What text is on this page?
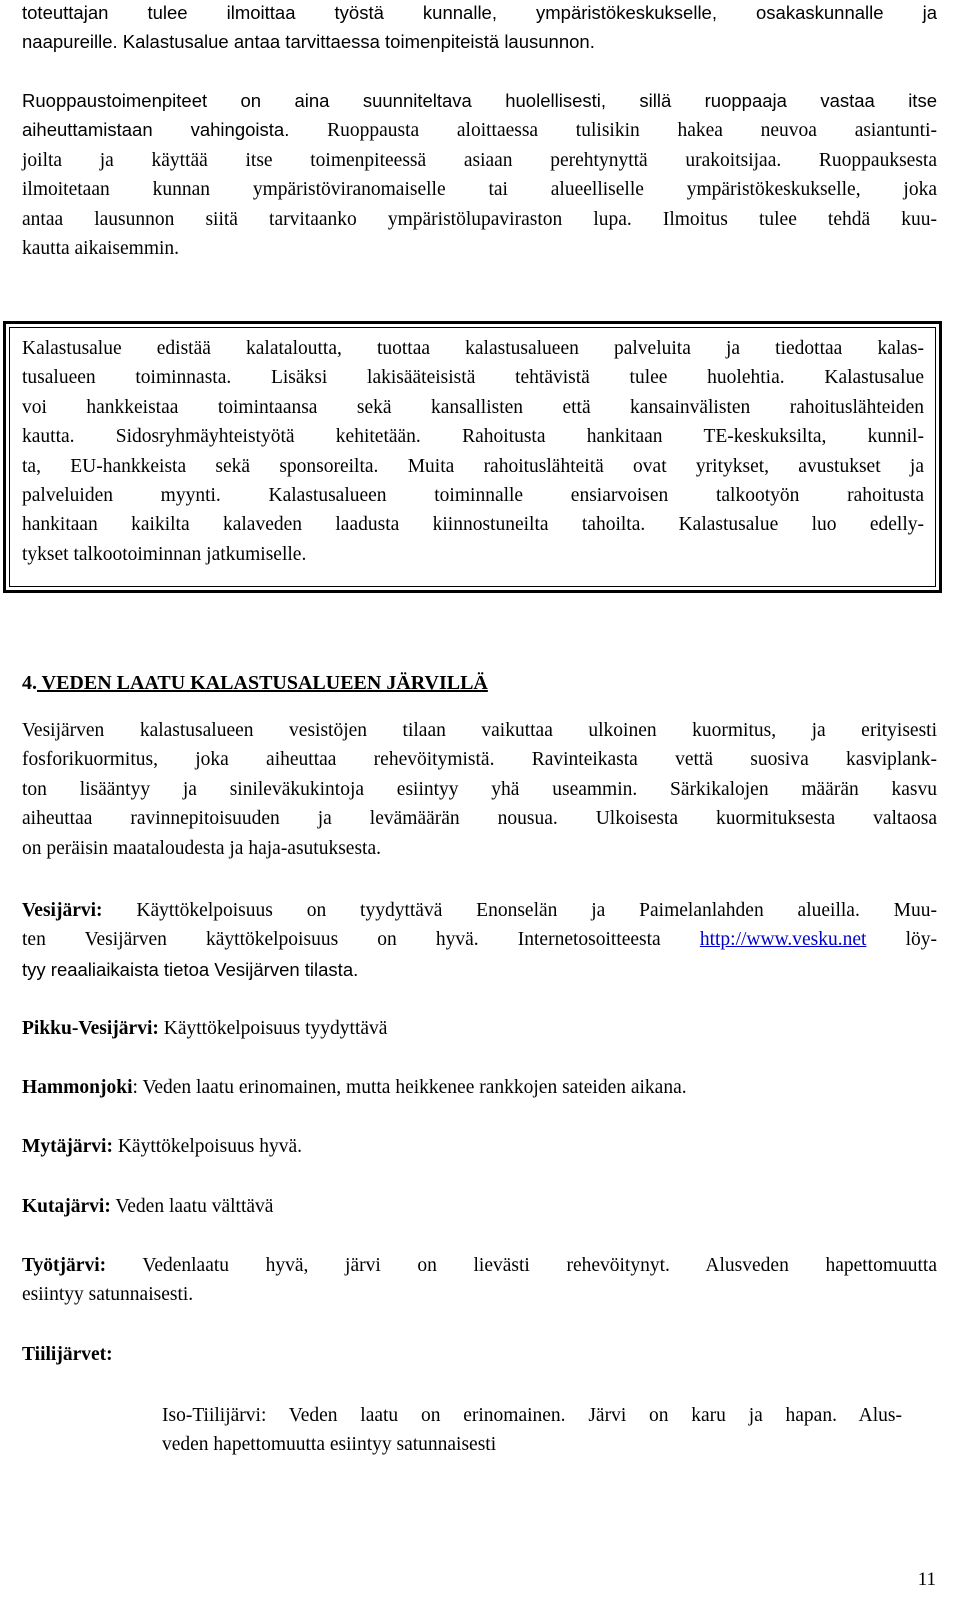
toteuttajan tulee ilmoittaa työstä kunnalle, ympäristökeskukselle, osakaskunnalle ja
naapureille. Kalastusalue antaa tarvittaessa toimenpiteistä lausunnon.
Ruoppaustoimenpiteet on aina suunniteltava huolellisesti, sillä ruoppaaja vastaa itse
aiheuttamistaan vahingoista. Ruoppausta aloittaessa tulisikin hakea neuvoa asiantunti-
joilta ja käyttää itse toimenpiteessä asiaan perehtynyttä urakoitsijaa. Ruoppauksesta
ilmoitetaan kunnan ympäristöviranomaiselle tai alueelliselle ympäristökeskukselle, joka
antaa lausunnon siitä tarvitaanko ympäristölupaviraston lupa. Ilmoitus tulee tehdä kuu-
kautta aikaisemmin.
Kalastusalue edistää kalataloutta, tuottaa kalastusalueen palveluita ja tiedottaa kalas-
tusalueen toiminnasta. Lisäksi lakisääteisistä tehtävistä tulee huolehtia. Kalastusalue
voi hankkeistaa toimintaansa sekä kansallisten että kansainvälisten rahoituslähteiden
kautta. Sidosryhmäyhteistyötä kehitetään. Rahoitusta hankitaan TE-keskuksilta, kunnil-
ta, EU-hankkeista sekä sponsoreilta. Muita rahoituslähteitä ovat yritykset, avustukset ja
palveluiden myynti. Kalastusalueen toiminnalle ensiarvoisen talkootyön rahoitusta
hankitaan kaikilta kalaveden laadusta kiinnostuneilta tahoilta. Kalastusalue luo edelly-
tykset talkootoiminnan jatkumiselle.
4. VEDEN LAATU KALASTUSALUEEN JÄRVILLÄ
Vesijärven kalastusalueen vesistöjen tilaan vaikuttaa ulkoinen kuormitus, ja erityisesti
fosforikuormitus, joka aiheuttaa rehevöitymistä. Ravinteikasta vettä suosiva kasviplank-
ton lisääntyy ja sinileväkukintoja esiintyy yhä useammin. Särkikalojen määrän kasvu
aiheuttaa ravinnepitoisuuden ja levämäärän nousua. Ulkoisesta kuormituksesta valtaosa
on peräisin maataloudesta ja haja-asutuksesta.
Vesijärvi: Käyttökelpoisuus on tyydyttävä Enonselän ja Paimelanlahden alueilla. Muu-
ten Vesijärven käyttökelpoisuus on hyvä. Internetosoitteesta http://www.vesku.net löy-
tyy reaaliaikaista tietoa Vesijärven tilasta.
Pikku-Vesijärvi: Käyttökelpoisuus tyydyttävä
Hammonjoki: Veden laatu erinomainen, mutta heikkenee rankkojen sateiden aikana.
Mytäjärvi: Käyttökelpoisuus hyvä.
Kutajärvi: Veden laatu välttävä
Työtjärvi: Vedenlaatu hyvä, järvi on lievästi rehevöitynyt. Alusveden hapettomuutta
esiintyy satunnaisesti.
Tiilijärvet:
Iso-Tiilijärvi: Veden laatu on erinomainen. Järvi on karu ja hapan. Alus-
veden hapettomuutta esiintyy satunnaisesti
11
